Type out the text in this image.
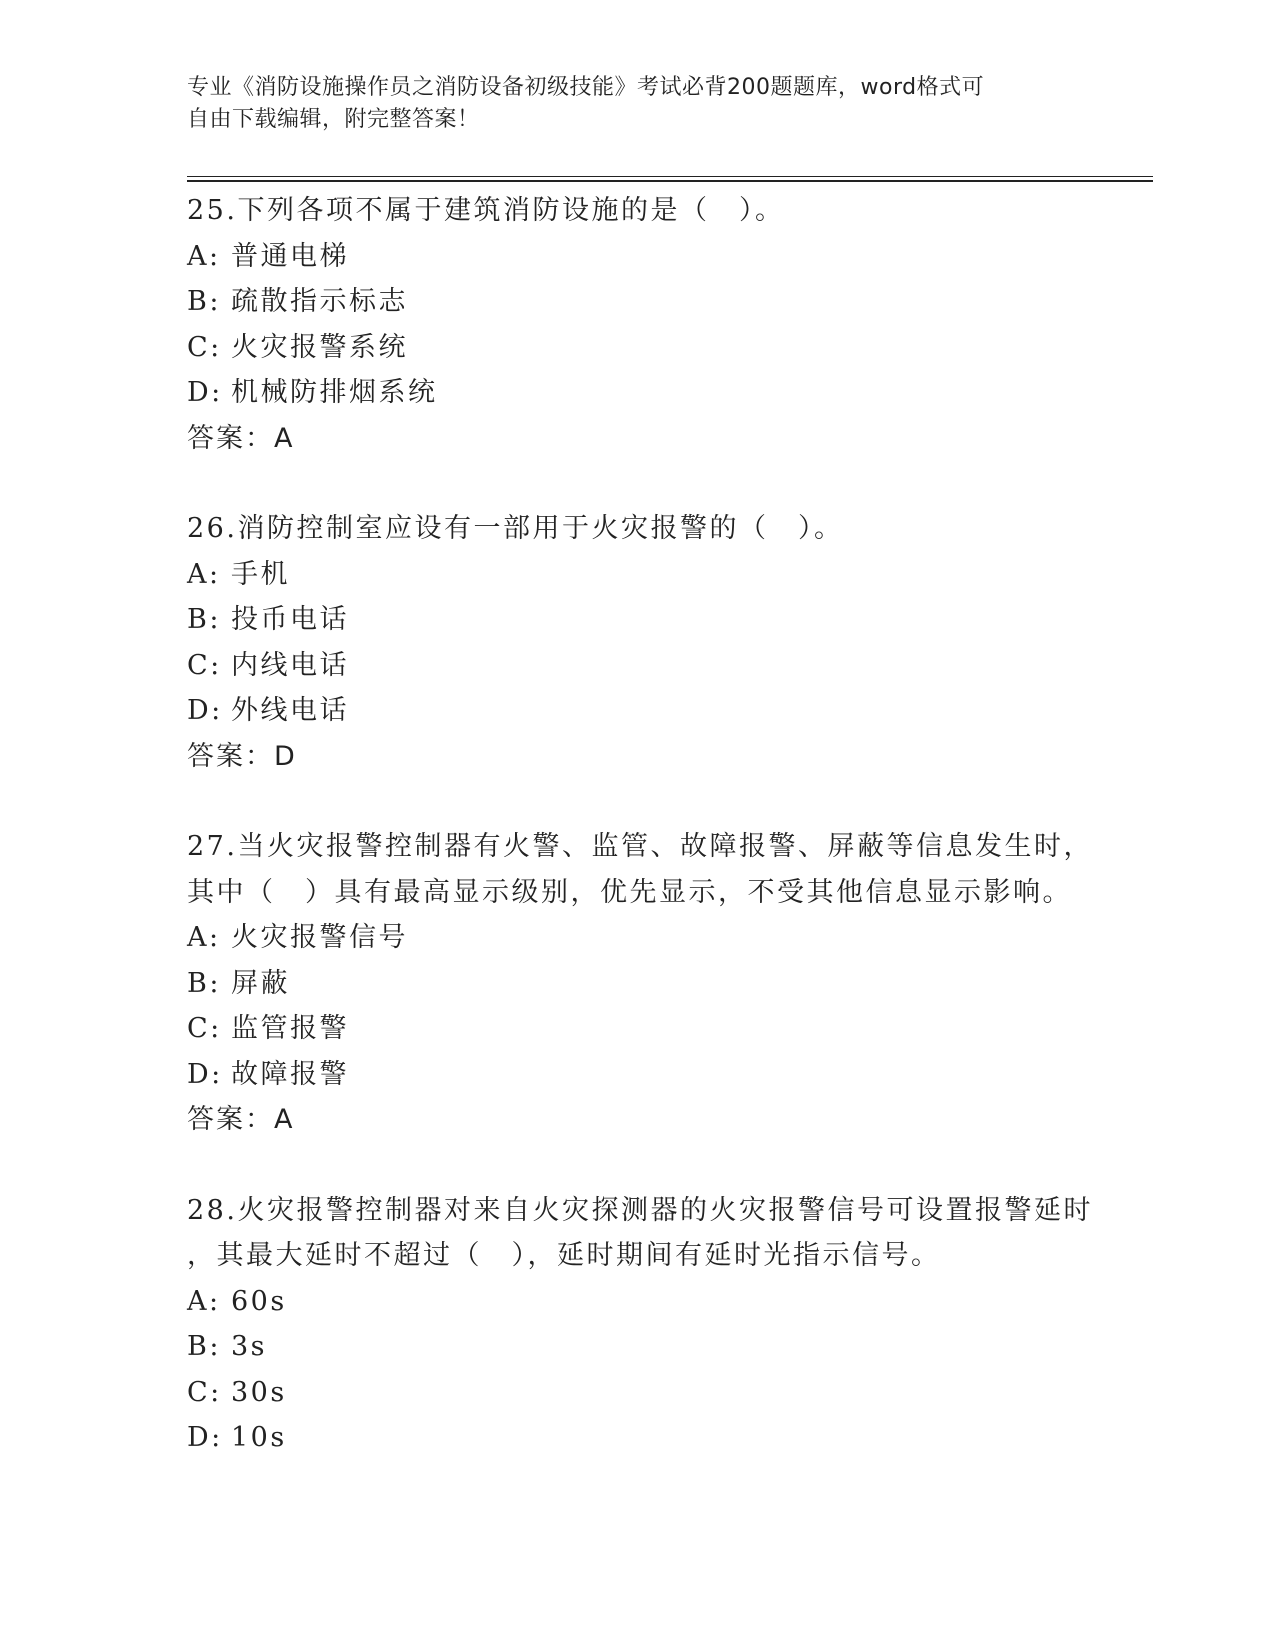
专业《消防设施操作员之消防设备初级技能》考试必背200题题库，word格式可
自由下载编辑，附完整答案！
25.下列各项不属于建筑消防设施的是（　）。
A: 普通电梯
B: 疏散指示标志
C: 火灾报警系统
D: 机械防排烟系统
答案：A
26.消防控制室应设有一部用于火灾报警的（　）。
A: 手机
B: 投币电话
C: 内线电话
D: 外线电话
答案：D
27.当火灾报警控制器有火警、监管、故障报警、屏蔽等信息发生时，
其中（　）具有最高显示级别，优先显示，不受其他信息显示影响。
A: 火灾报警信号
B: 屏蔽
C: 监管报警
D: 故障报警
答案：A
28.火灾报警控制器对来自火灾探测器的火灾报警信号可设置报警延时
，其最大延时不超过（　），延时期间有延时光指示信号。
A: 60s
B: 3s
C: 30s
D: 10s
